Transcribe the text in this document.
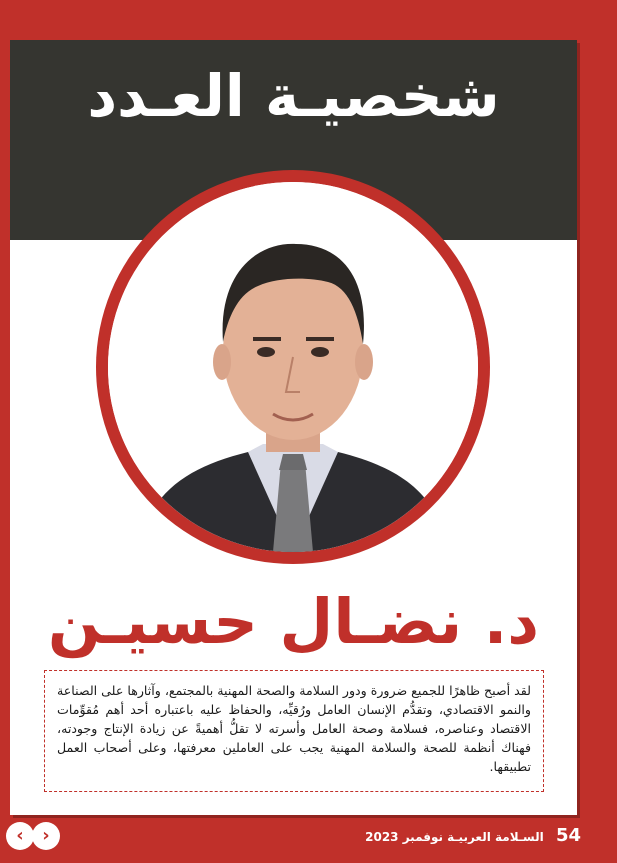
شخصيـة العـدد
د. نضـال حسيـن

لقد أصبح ظاهرًا للجميع ضرورة ودور السلامة والصحة المهنية بالمجتمع، وآثارها على الصناعة والنمو الاقتصادي، وتقدُّم الإنسان العامل ورُقيِّه، والحفاظ عليه باعتباره أحد أهم مُقوِّمات الاقتصاد وعناصره، فسلامة وصحة العامل وأسرته لا تقلُّ أهميةً عن زيادة الإنتاج وجودته، فهناك أنظمة للصحة والسلامة المهنية يجب على العاملين معرفتها، وعلى أصحاب العمل تطبيقها.

‹	›	54 السـلامة العربيـة نوفمبر 2023
